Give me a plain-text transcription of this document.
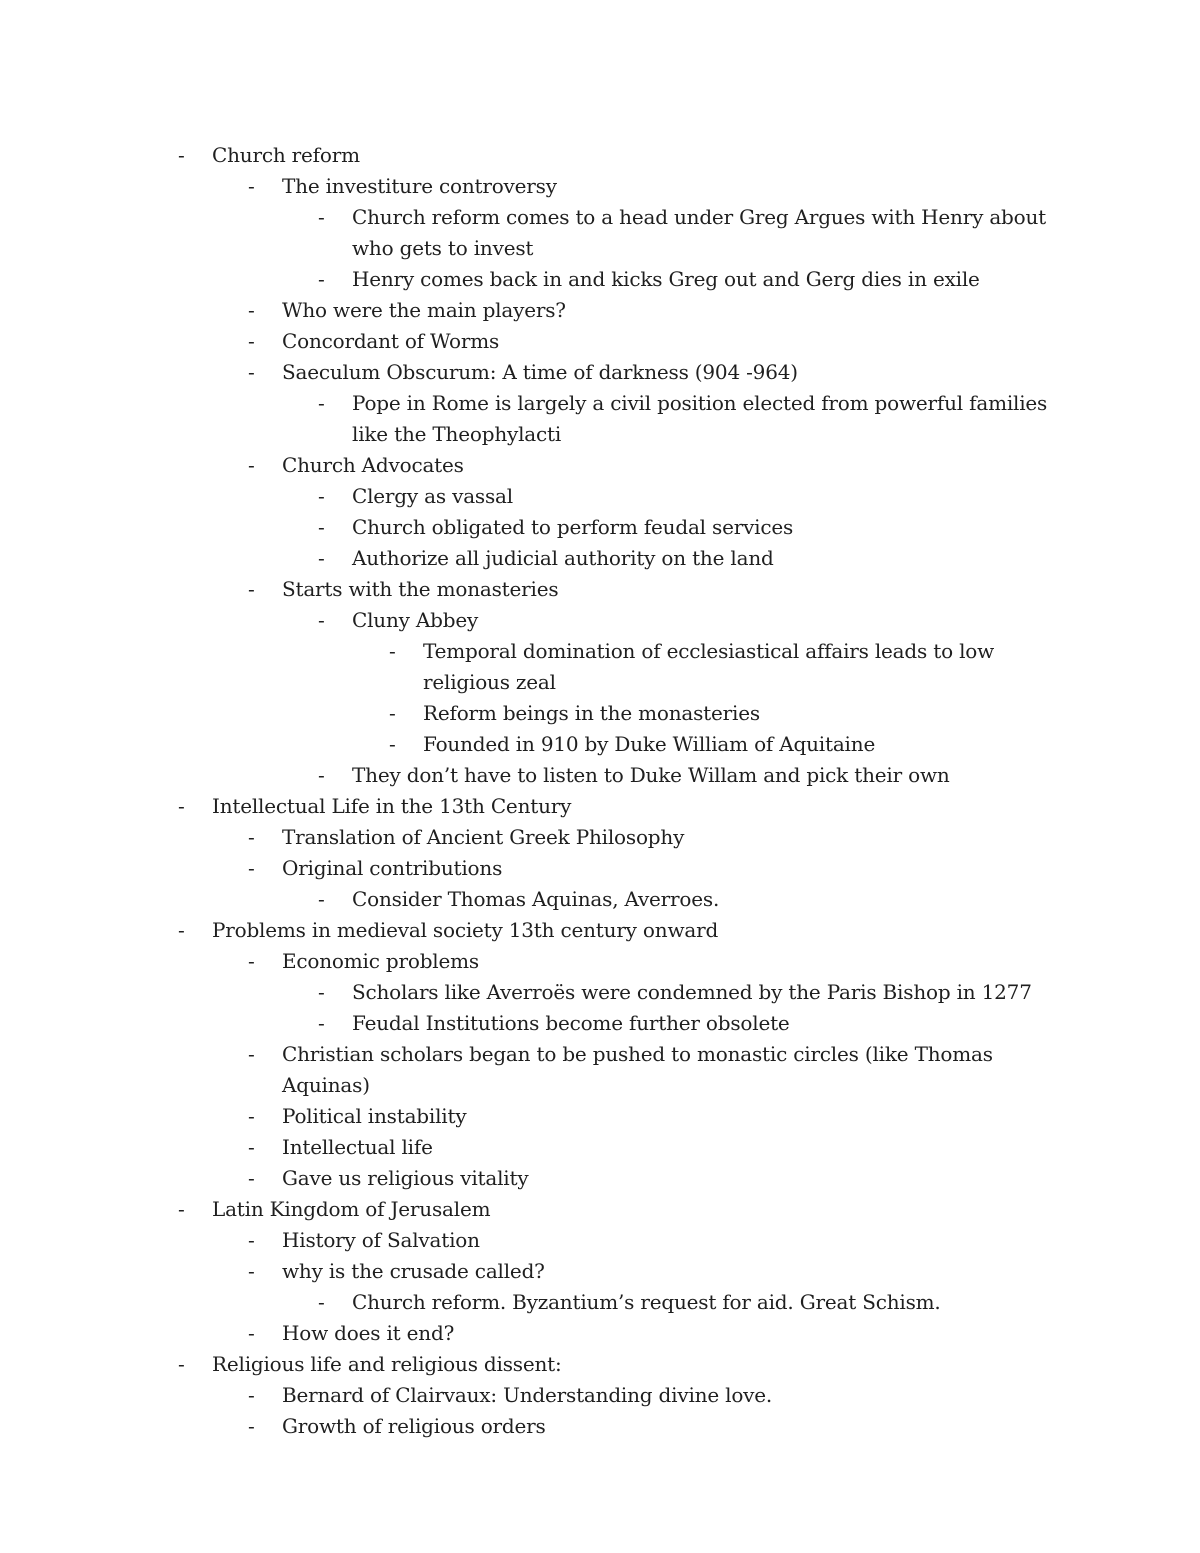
- Church reform
- The investiture controversy
- Church reform comes to a head under Greg Argues with Henry about who gets to invest
- Henry comes back in and kicks Greg out and Gerg dies in exile
- Who were the main players?
- Concordant of Worms
- Saeculum Obscurum: A time of darkness (904 -964)
- Pope in Rome is largely a civil position elected from powerful families like the Theophylacti
- Church Advocates
- Clergy as vassal
- Church obligated to perform feudal services
- Authorize all judicial authority on the land
- Starts with the monasteries
- Cluny Abbey
- Temporal domination of ecclesiastical affairs leads to low religious zeal
- Reform beings in the monasteries
- Founded in 910 by Duke William of Aquitaine
- They don’t have to listen to Duke Willam and pick their own
- Intellectual Life in the 13th Century
- Translation of Ancient Greek Philosophy
- Original contributions
- Consider Thomas Aquinas, Averroes.
- Problems in medieval society 13th century onward
- Economic problems
- Scholars like Averroës were condemned by the Paris Bishop in 1277
- Feudal Institutions become further obsolete
- Christian scholars began to be pushed to monastic circles (like Thomas Aquinas)
- Political instability
- Intellectual life
- Gave us religious vitality
- Latin Kingdom of Jerusalem
- History of Salvation
- why is the crusade called?
- Church reform. Byzantium’s request for aid. Great Schism.
- How does it end?
- Religious life and religious dissent:
- Bernard of Clairvaux: Understanding divine love.
- Growth of religious orders
